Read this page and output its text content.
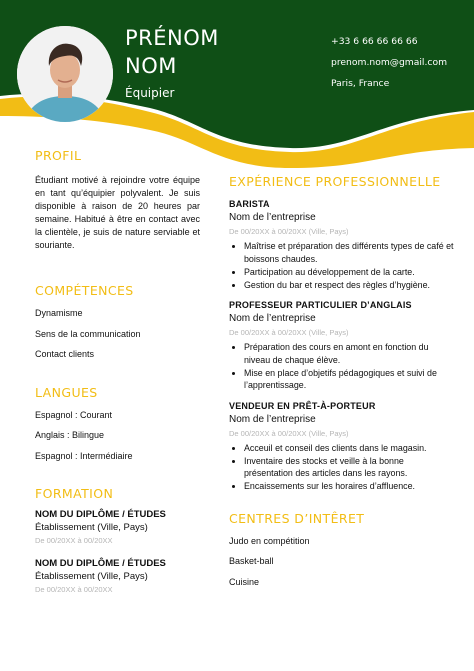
PRÉNOM
NOM
Équipier
+33 6 66 66 66 66
prenom.nom@gmail.com
Paris, France
PROFIL
Étudiant motivé à rejoindre votre équipe en tant qu’équipier polyvalent. Je suis disponible à raison de 20 heures par semaine. Habitué à être en contact avec la clientèle, je suis de nature serviable et souriante.
COMPÉTENCES
Dynamisme
Sens de la communication
Contact clients
LANGUES
Espagnol : Courant
Anglais : Bilingue
Espagnol : Intermédiaire
FORMATION
NOM DU DIPLÔME / ÉTUDES
Établissement (Ville, Pays)
De 00/20XX à 00/20XX
NOM DU DIPLÔME / ÉTUDES
Établissement (Ville, Pays)
De 00/20XX à 00/20XX
EXPÉRIENCE PROFESSIONNELLE
BARISTA
Nom de l’entreprise
De 00/20XX à 00/20XX (Ville, Pays)
• Maîtrise et préparation des différents types de café et boissons chaudes.
• Participation au développement de la carte.
• Gestion du bar et respect des règles d’hygiène.
PROFESSEUR PARTICULIER D’ANGLAIS
Nom de l’entreprise
De 00/20XX à 00/20XX (Ville, Pays)
• Préparation des cours en amont en fonction du niveau de chaque élève.
• Mise en place d’objetifs pédagogiques et suivi de l’apprentissage.
VENDEUR EN PRÊT-À-PORTEUR
Nom de l’entreprise
De 00/20XX à 00/20XX (Ville, Pays)
• Acceuil et conseil des clients dans le magasin.
• Inventaire des stocks et veille à la bonne présentation des articles dans les rayons.
• Encaissements sur les horaires d’affluence.
CENTRES D’INTÊRET
Judo en compétition
Basket-ball
Cuisine
